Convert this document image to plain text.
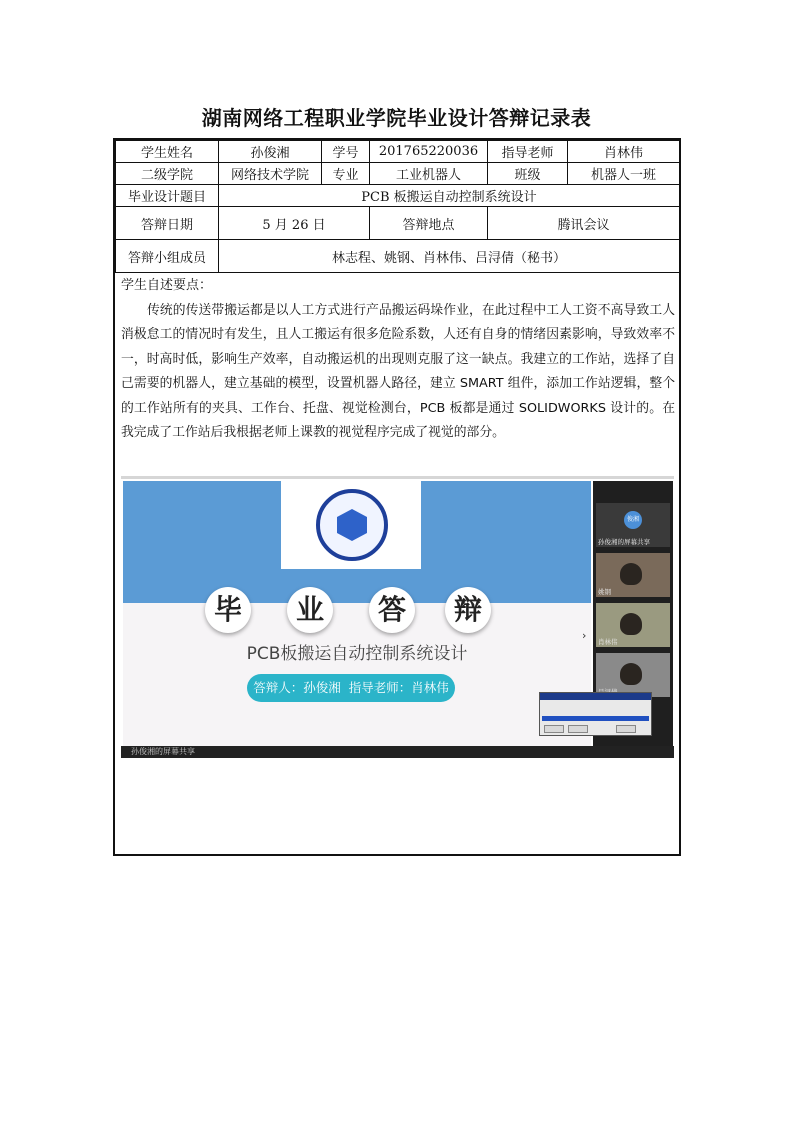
湖南网络工程职业学院毕业设计答辩记录表
学生姓名	孙俊湘	学号	201765220036	指导老师	肖林伟
二级学院	网络技术学院	专业	工业机器人	班级	机器人一班
毕业设计题目	PCB 板搬运自动控制系统设计				
答辩日期	5 月 26 日		答辩地点	腾讯会议	
答辩小组成员	林志程、姚钢、肖林伟、吕浔倩（秘书）				
学生自述要点：
传统的传送带搬运都是以人工方式进行产品搬运码垛作业，在此过程中工人工资不高导致工人消极怠工的情况时有发生，且人工搬运有很多危险系数，人还有自身的情绪因素影响，导致效率不一，时高时低，影响生产效率，自动搬运机的出现则克服了这一缺点。我建立的工作站，选择了自己需要的机器人，建立基础的模型，设置机器人路径，建立 SMART 组件，添加工作站逻辑，整个的工作站所有的夹具、工作台、托盘、视觉检测台，PCB 板都是通过 SOLIDWORKS 设计的。在我完成了工作站后我根据老师上课教的视觉程序完成了视觉的部分。
毕	业	答	辩
PCB板搬运自动控制系统设计
答辩人：孙俊湘 指导老师：肖林伟
›
俊湘
孙俊湘的屏幕共享
姚钢
肖林伟
孙俊湘的屏幕共享
